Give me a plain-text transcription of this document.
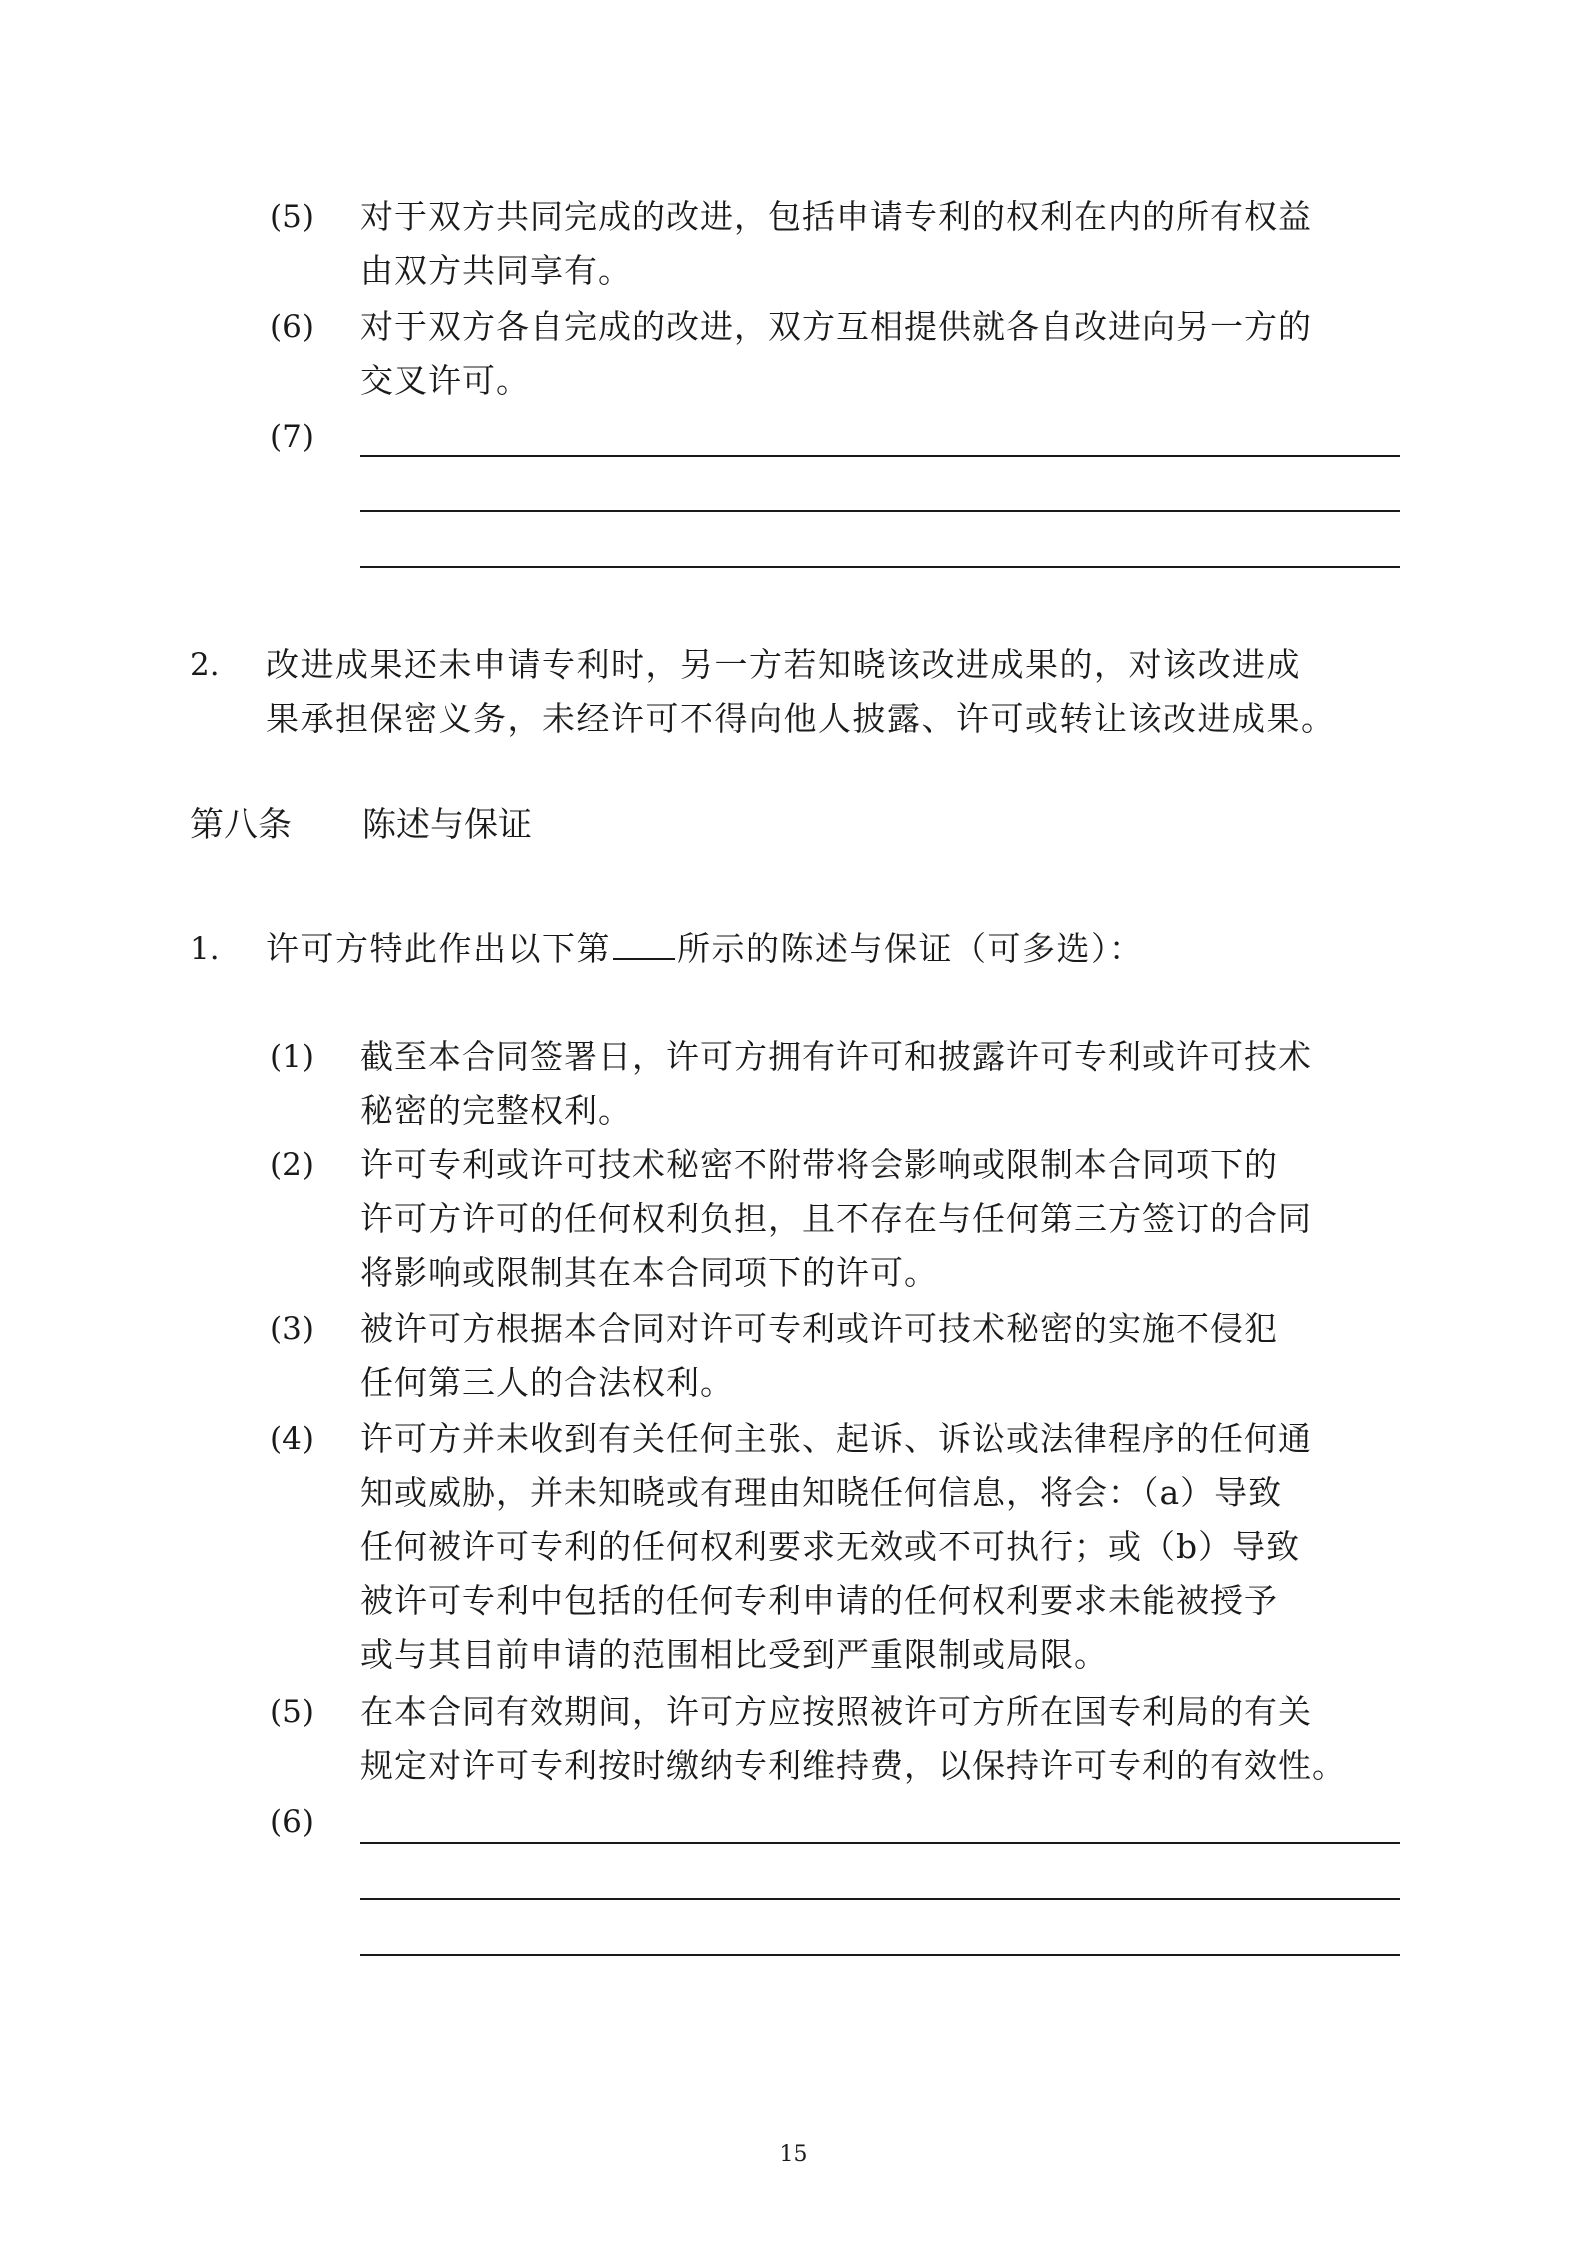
(5) 对于双方共同完成的改进，包括申请专利的权利在内的所有权益
由双方共同享有。
(6) 对于双方各自完成的改进，双方互相提供就各自改进向另一方的
交叉许可。
(7)
2. 改进成果还未申请专利时，另一方若知晓该改进成果的，对该改进成
果承担保密义务，未经许可不得向他人披露、许可或转让该改进成果。
第八条 陈述与保证
1. 许可方特此作出以下第 所示的陈述与保证（可多选）：
(1) 截至本合同签署日，许可方拥有许可和披露许可专利或许可技术
秘密的完整权利。
(2) 许可专利或许可技术秘密不附带将会影响或限制本合同项下的
许可方许可的任何权利负担，且不存在与任何第三方签订的合同
将影响或限制其在本合同项下的许可。
(3) 被许可方根据本合同对许可专利或许可技术秘密的实施不侵犯
任何第三人的合法权利。
(4) 许可方并未收到有关任何主张、起诉、诉讼或法律程序的任何通
知或威胁，并未知晓或有理由知晓任何信息，将会：（a）导致
任何被许可专利的任何权利要求无效或不可执行；或（b）导致
被许可专利中包括的任何专利申请的任何权利要求未能被授予
或与其目前申请的范围相比受到严重限制或局限。
(5) 在本合同有效期间，许可方应按照被许可方所在国专利局的有关
规定对许可专利按时缴纳专利维持费，以保持许可专利的有效性。
(6)
15
